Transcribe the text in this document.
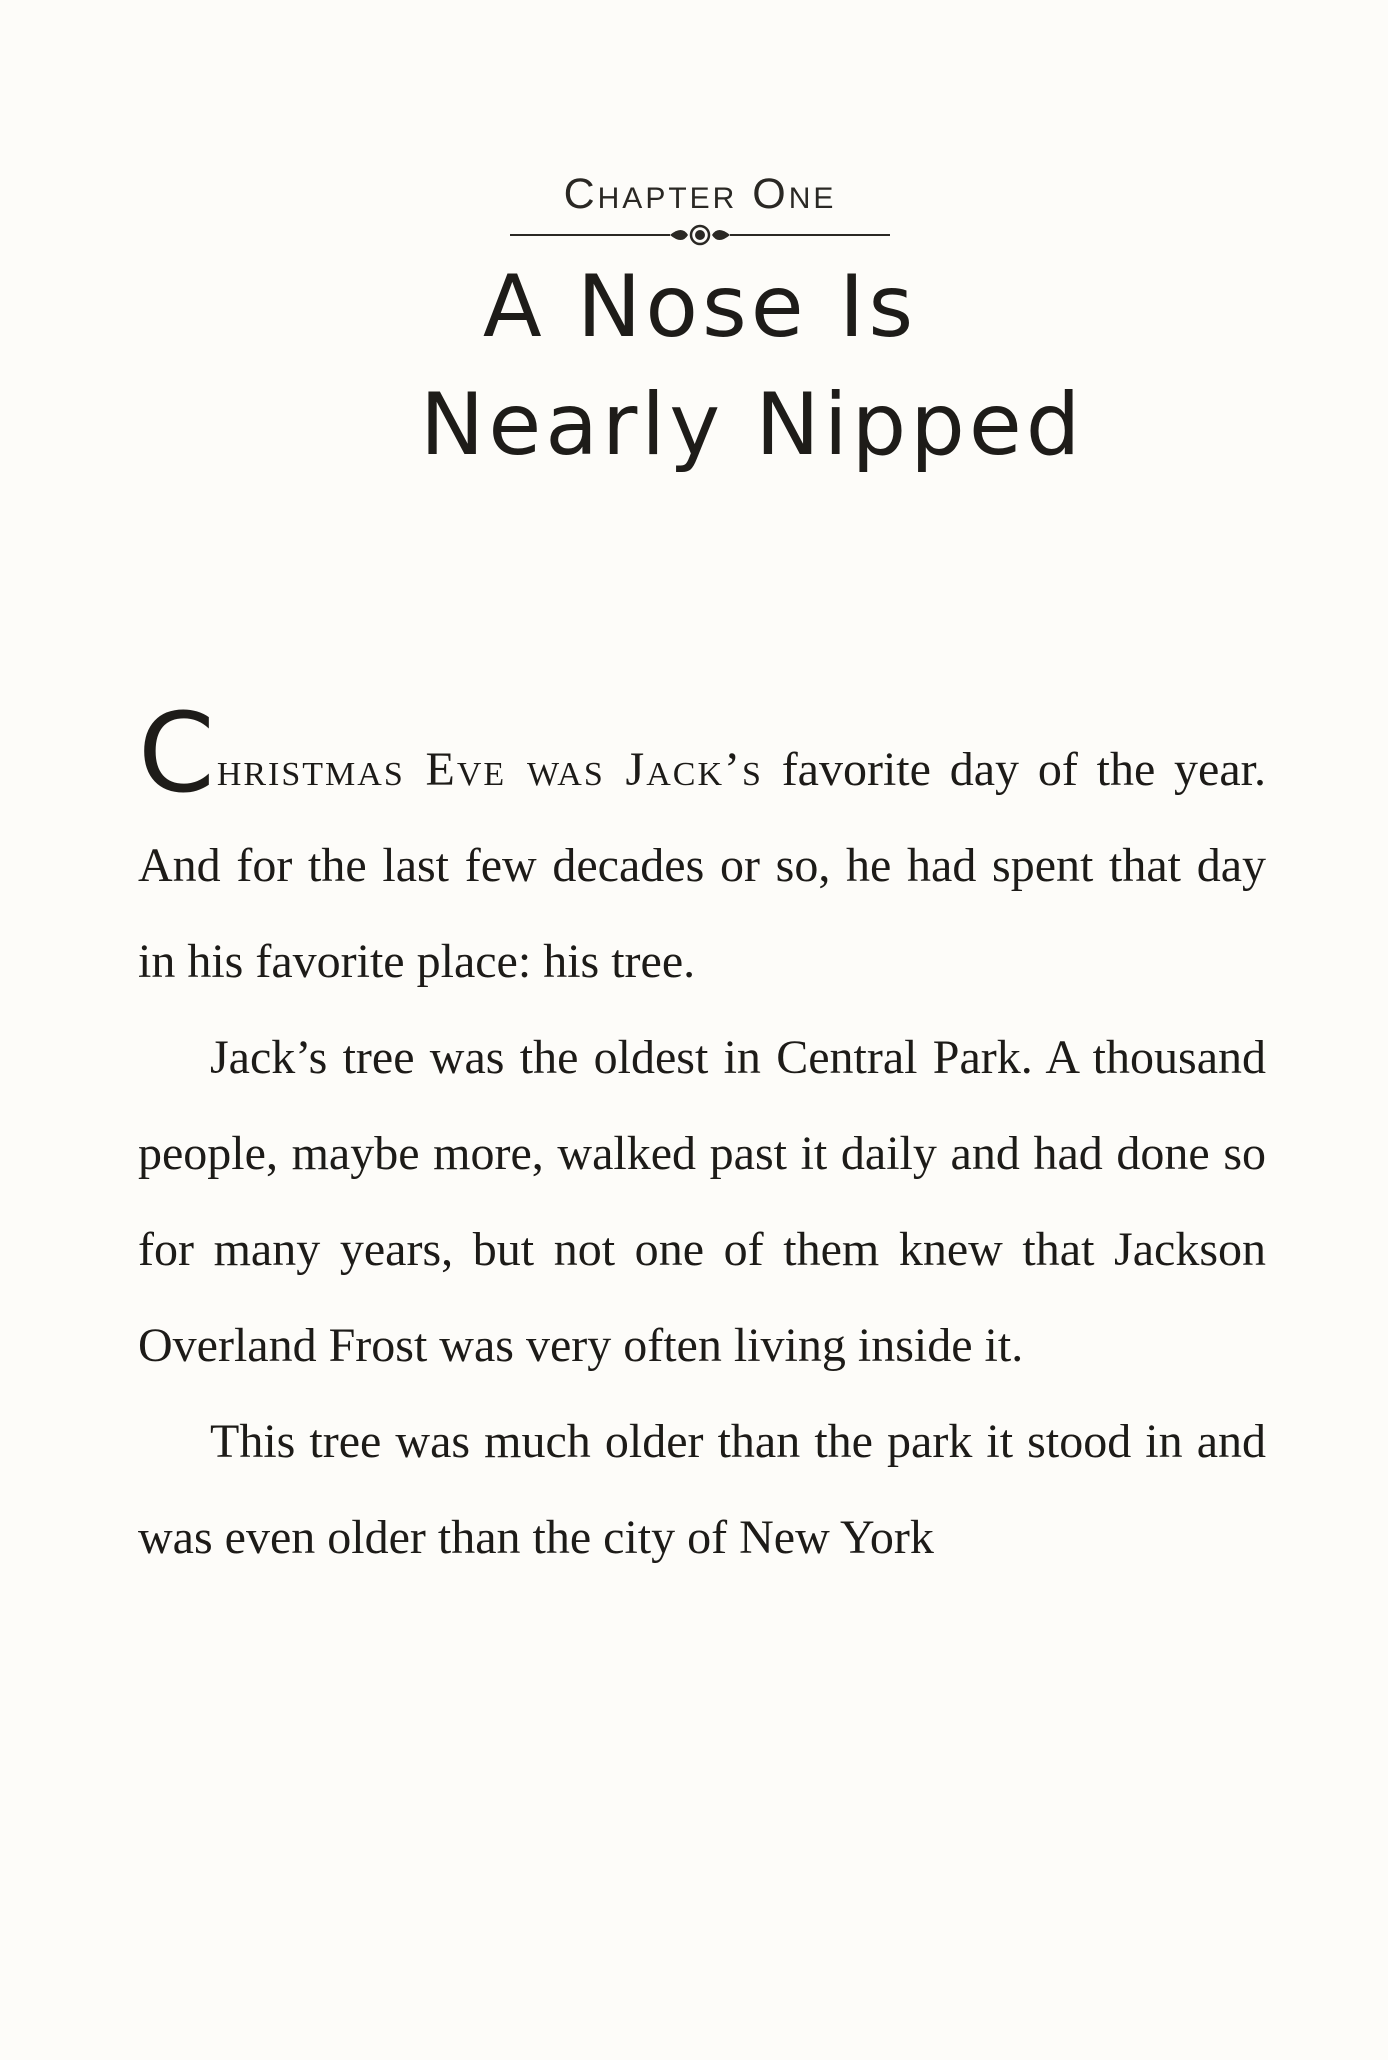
Chapter One
A Nose Is
Nearly Nipped

Christmas Eve was Jack’s favorite day of the year. And for the last few decades or so, he had spent that day in his favorite place: his tree.

Jack’s tree was the oldest in Central Park. A thousand people, maybe more, walked past it daily and had done so for many years, but not one of them knew that Jackson Overland Frost was very often living inside it.

This tree was much older than the park it stood in and was even older than the city of New York
